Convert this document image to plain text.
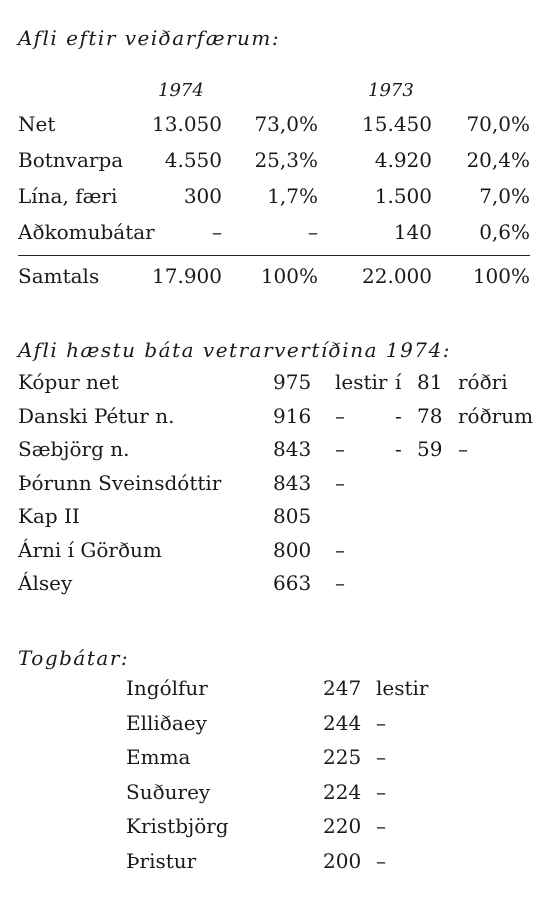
Afli eftir veiðarfærum:
1974	1973
Net	13.050	73,0%	15.450	70,0%
Botnvarpa	4.550	25,3%	4.920	20,4%
Lína, færi	300	1,7%	1.500	7,0%
Aðkomubátar	–	–	140	0,6%
Samtals	17.900	100%	22.000	100%
Afli hæstu báta vetrarvertíðina 1974:
Kópur net	975 lestir í 81 róðri
Danski Pétur n.	916 –	- 78 róðrum
Sæbjörg n.	843 –	- 59 –
Þórunn Sveinsdóttir	843 –
Kap II	805
Árni í Görðum	800 –
Álsey	663 –
Togbátar:
Ingólfur	247 lestir
Elliðaey	244 –
Emma	225 –
Suðurey	224 –
Kristbjörg	220 –
Þristur	200 –
